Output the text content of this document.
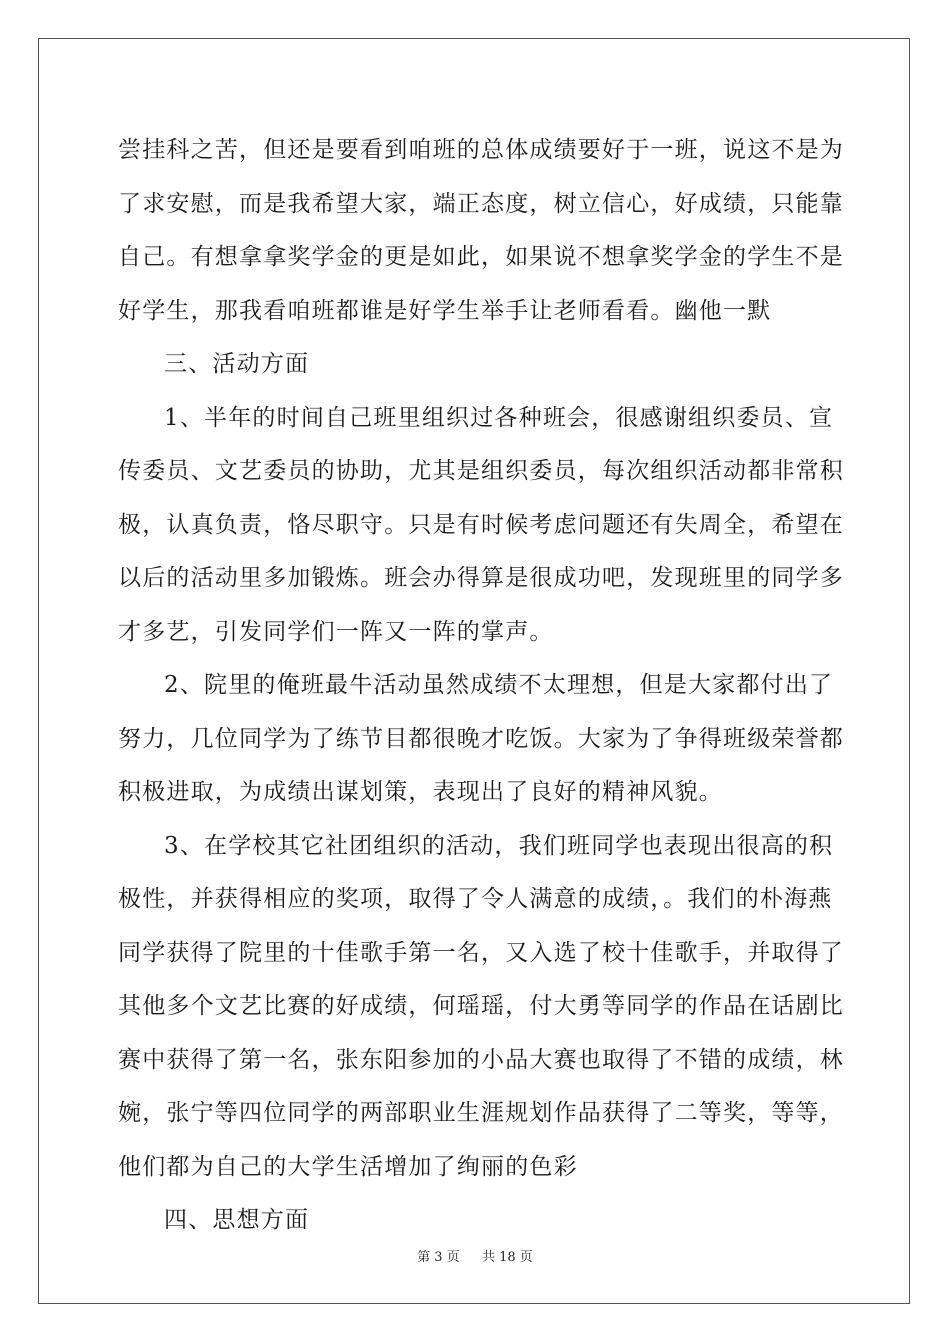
尝挂科之苦，但还是要看到咱班的总体成绩要好于一班，说这不是为
了求安慰，而是我希望大家，端正态度，树立信心，好成绩，只能靠
自己。有想拿拿奖学金的更是如此，如果说不想拿奖学金的学生不是
好学生，那我看咱班都谁是好学生举手让老师看看。幽他一默
三、活动方面
1、半年的时间自己班里组织过各种班会，很感谢组织委员、宣
传委员、文艺委员的协助，尤其是组织委员，每次组织活动都非常积
极，认真负责，恪尽职守。只是有时候考虑问题还有失周全，希望在
以后的活动里多加锻炼。班会办得算是很成功吧，发现班里的同学多
才多艺，引发同学们一阵又一阵的掌声。
2、院里的俺班最牛活动虽然成绩不太理想，但是大家都付出了
努力，几位同学为了练节目都很晚才吃饭。大家为了争得班级荣誉都
积极进取，为成绩出谋划策，表现出了良好的精神风貌。
3、在学校其它社团组织的活动，我们班同学也表现出很高的积
极性，并获得相应的奖项，取得了令人满意的成绩，。我们的朴海燕
同学获得了院里的十佳歌手第一名，又入选了校十佳歌手，并取得了
其他多个文艺比赛的好成绩，何瑶瑶，付大勇等同学的作品在话剧比
赛中获得了第一名，张东阳参加的小品大赛也取得了不错的成绩，林
婉，张宁等四位同学的两部职业生涯规划作品获得了二等奖，等等，
他们都为自己的大学生活增加了绚丽的色彩
四、思想方面
第 3 页 共 18 页
